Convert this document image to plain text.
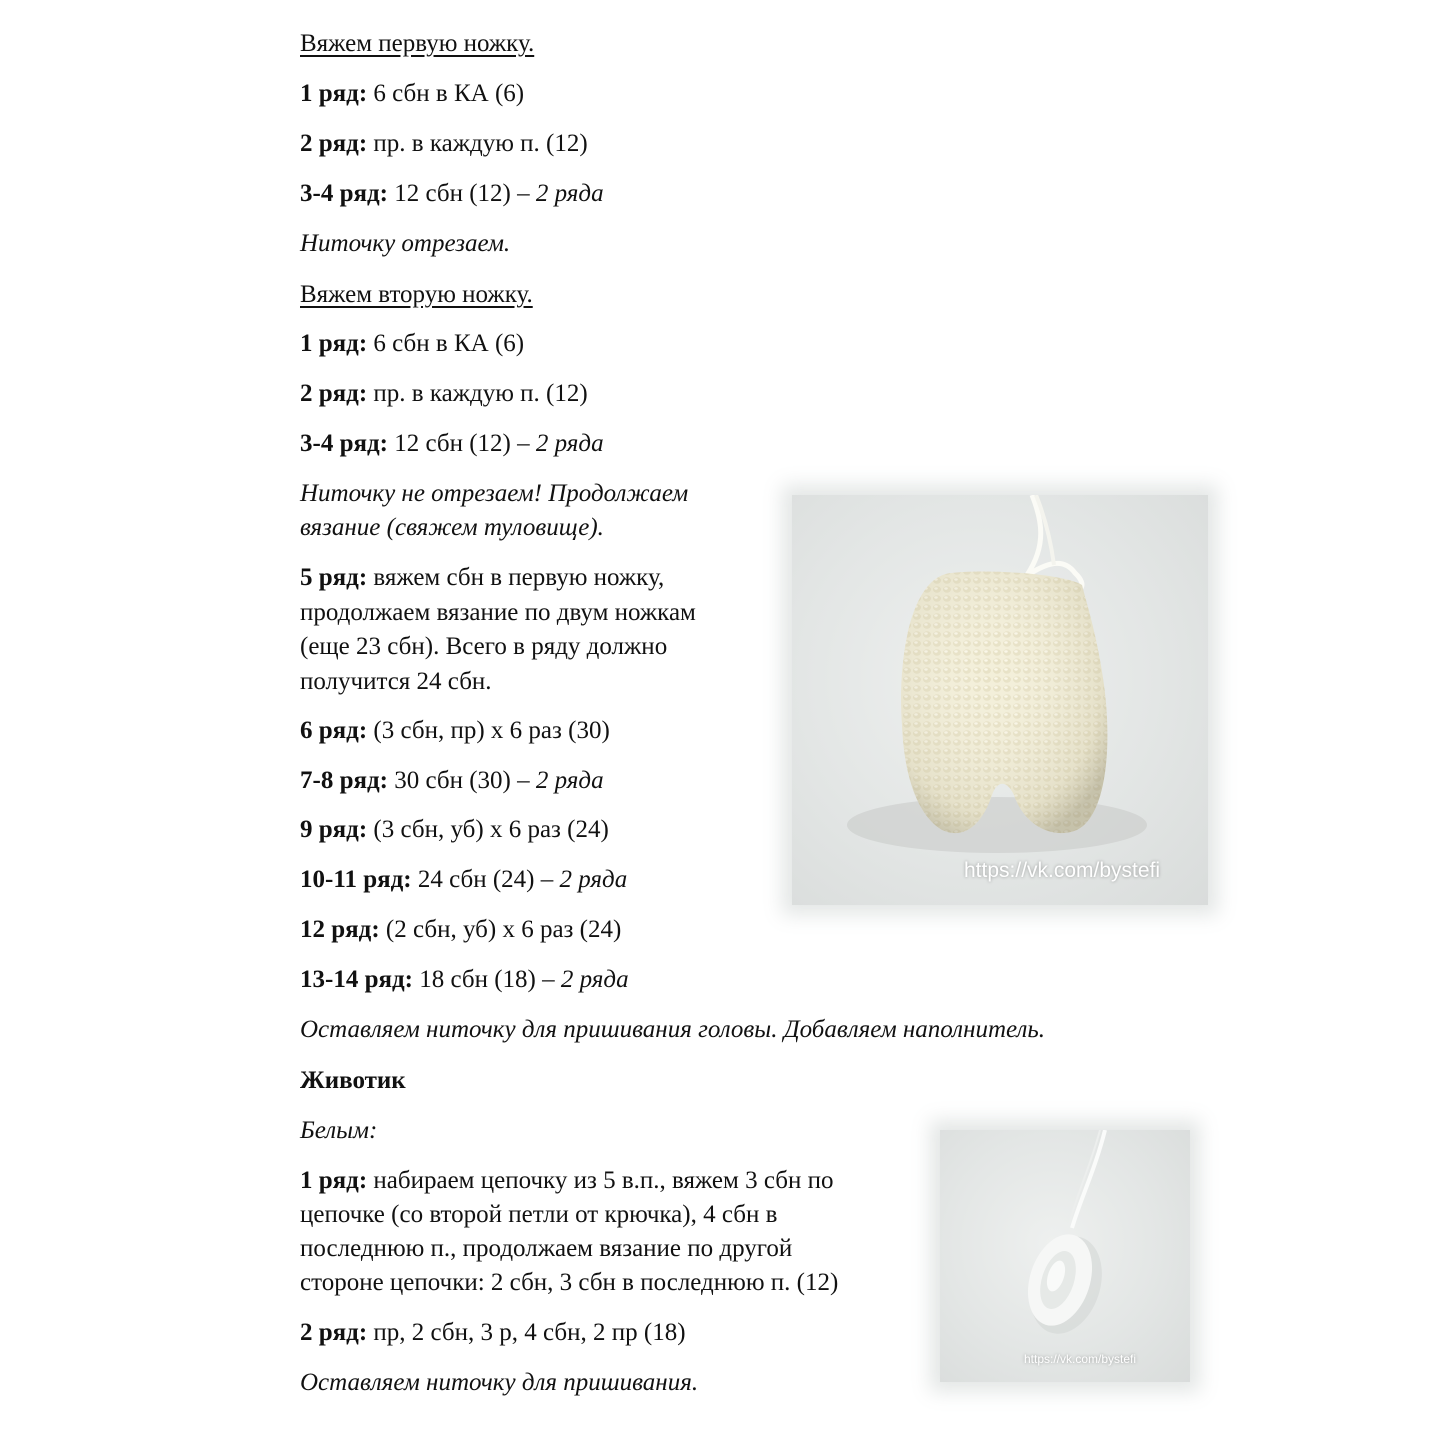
Вяжем первую ножку.

1 ряд: 6 сбн в КА (6)

2 ряд: пр. в каждую п. (12)

3-4 ряд: 12 сбн (12) – 2 ряда

Ниточку отрезаем.

Вяжем вторую ножку.

1 ряд: 6 сбн в КА (6)

2 ряд: пр. в каждую п. (12)

3-4 ряд: 12 сбн (12) – 2 ряда

Ниточку не отрезаем! Продолжаем

вязание (свяжем туловище).

5 ряд: вяжем сбн в первую ножку,

продолжаем вязание по двум ножкам

(еще 23 сбн). Всего в ряду должно

получится 24 сбн.

6 ряд: (3 сбн, пр) х 6 раз (30)

7-8 ряд: 30 сбн (30) – 2 ряда

9 ряд: (3 сбн, уб) х 6 раз (24)

10-11 ряд: 24 сбн (24) – 2 ряда

12 ряд: (2 сбн, уб) х 6 раз (24)

13-14 ряд: 18 сбн (18) – 2 ряда

Оставляем ниточку для пришивания головы. Добавляем наполнитель.

Животик

Белым:

1 ряд: набираем цепочку из 5 в.п., вяжем 3 сбн по

цепочке (со второй петли от крючка), 4 сбн в

последнюю п., продолжаем вязание по другой

стороне цепочки: 2 сбн, 3 сбн в последнюю п. (12)

2 ряд: пр, 2 сбн, 3 р, 4 сбн, 2 пр (18)

Оставляем ниточку для пришивания.

https://vk.com/bystefi
https://vk.com/bystefi
